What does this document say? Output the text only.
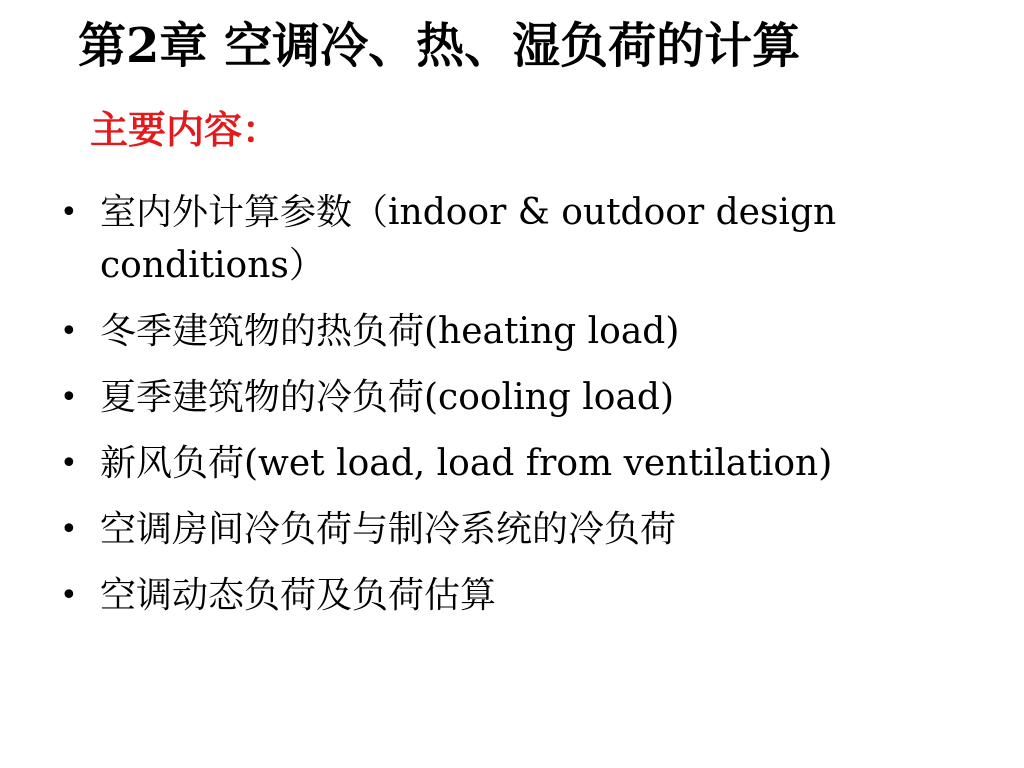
第2章 空调冷、热、湿负荷的计算
主要内容：
• 室内外计算参数（indoor & outdoor design conditions）
• 冬季建筑物的热负荷(heating load)
• 夏季建筑物的冷负荷(cooling load)
• 新风负荷(wet load, load from ventilation)
• 空调房间冷负荷与制冷系统的冷负荷
• 空调动态负荷及负荷估算
